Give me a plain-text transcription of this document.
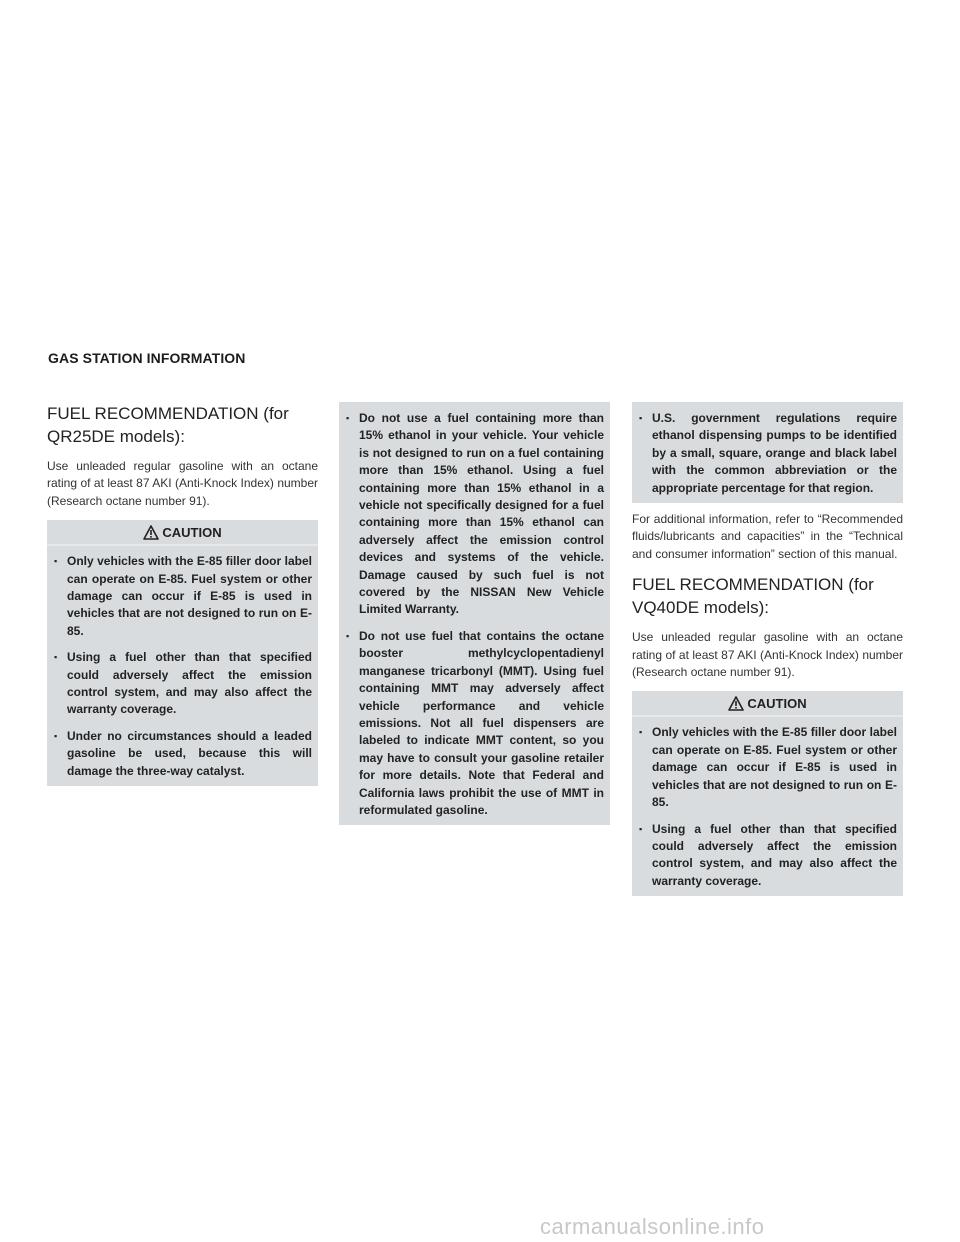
GAS STATION INFORMATION
FUEL RECOMMENDATION (for QR25DE models):

Use unleaded regular gasoline with an octane rating of at least 87 AKI (Anti-Knock Index) number (Research octane number 91).

CAUTION
▪ Only vehicles with the E-85 filler door label can operate on E-85. Fuel system or other damage can occur if E-85 is used in vehicles that are not designed to run on E-85.
▪ Using a fuel other than that specified could adversely affect the emission control system, and may also affect the warranty coverage.
▪ Under no circumstances should a leaded gasoline be used, because this will damage the three-way catalyst.
▪ Do not use a fuel containing more than 15% ethanol in your vehicle. Your vehicle is not designed to run on a fuel containing more than 15% ethanol. Using a fuel containing more than 15% ethanol in a vehicle not specifically designed for a fuel containing more than 15% ethanol can adversely affect the emission control devices and systems of the vehicle. Damage caused by such fuel is not covered by the NISSAN New Vehicle Limited Warranty.
▪ Do not use fuel that contains the octane booster methylcyclopentadienyl manganese tricarbonyl (MMT). Using fuel containing MMT may adversely affect vehicle performance and vehicle emissions. Not all fuel dispensers are labeled to indicate MMT content, so you may have to consult your gasoline retailer for more details. Note that Federal and California laws prohibit the use of MMT in reformulated gasoline.
▪ U.S. government regulations require ethanol dispensing pumps to be identified by a small, square, orange and black label with the common abbreviation or the appropriate percentage for that region.

For additional information, refer to “Recommended fluids/lubricants and capacities” in the “Technical and consumer information” section of this manual.

FUEL RECOMMENDATION (for VQ40DE models):

Use unleaded regular gasoline with an octane rating of at least 87 AKI (Anti-Knock Index) number (Research octane number 91).

CAUTION
▪ Only vehicles with the E-85 filler door label can operate on E-85. Fuel system or other damage can occur if E-85 is used in vehicles that are not designed to run on E-85.
▪ Using a fuel other than that specified could adversely affect the emission control system, and may also affect the warranty coverage.
carmanualsonline.info
